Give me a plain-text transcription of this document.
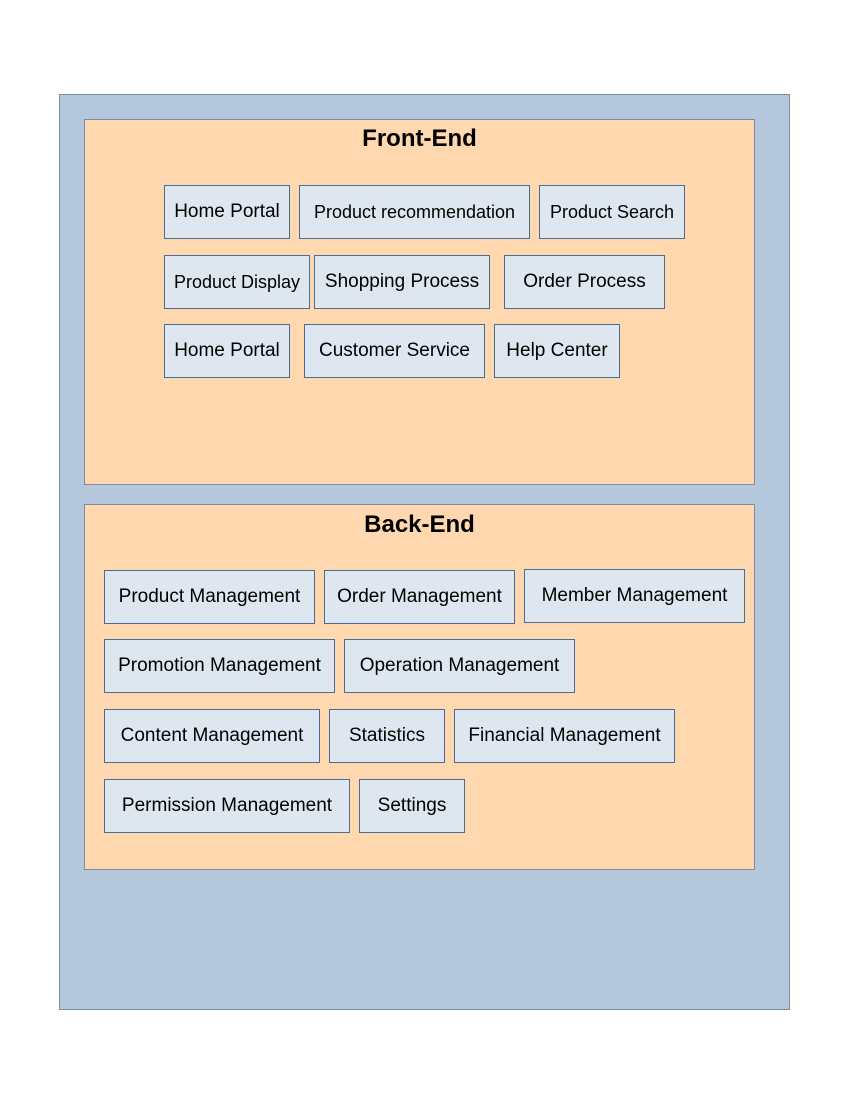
Front-End
Back-End
Home Portal	Product recommendation	Product Search
Product Display	Shopping Process	Order Process
Home Portal	Customer Service	Help Center
Product Management	Order Management	Member Management
Promotion Management	Operation Management
Content Management	Statistics	Financial Management
Permission Management	Settings
